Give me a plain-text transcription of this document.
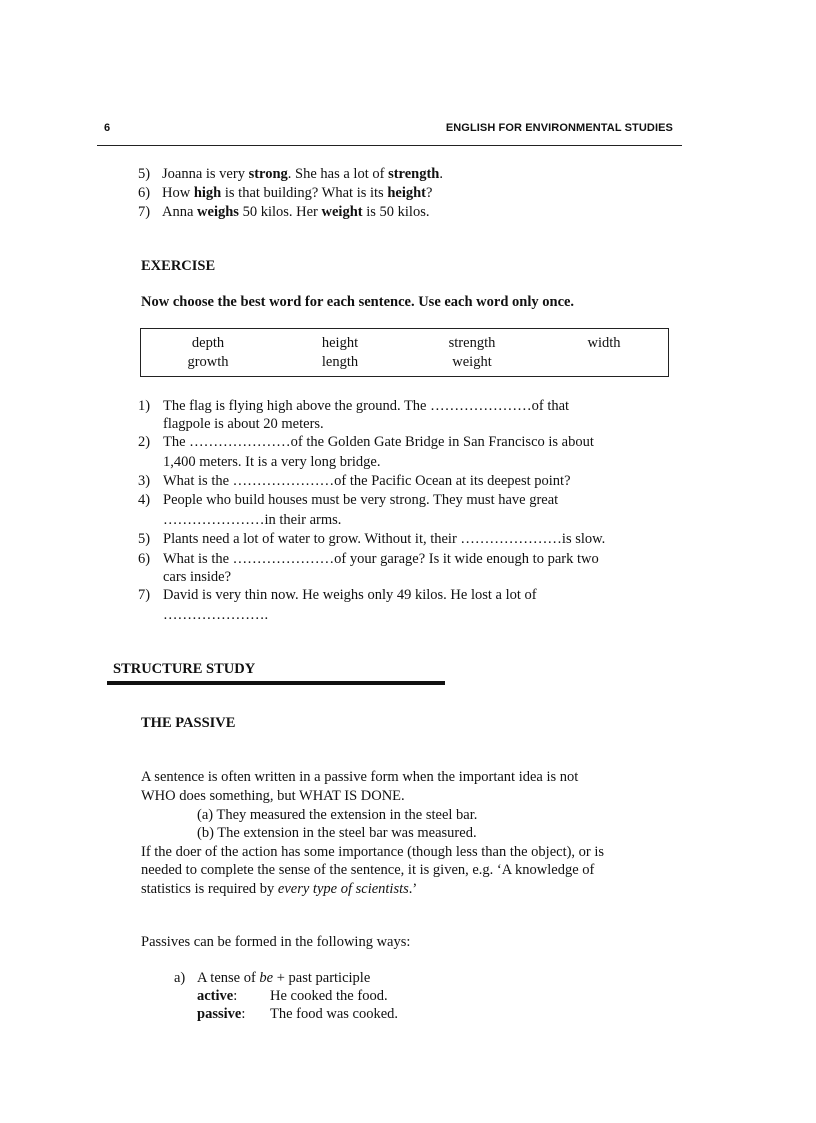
6	ENGLISH FOR ENVIRONMENTAL STUDIES
5) Joanna is very strong. She has a lot of strength.
6) How high is that building? What is its height?
7) Anna weighs 50 kilos. Her weight is 50 kilos.
EXERCISE
Now choose the best word for each sentence. Use each word only once.
depth	height	strength	width
growth	length	weight
1) The flag is flying high above the ground. The …………………of that
flagpole is about 20 meters.
2) The …………………of the Golden Gate Bridge in San Francisco is about
1,400 meters. It is a very long bridge.
3) What is the …………………of the Pacific Ocean at its deepest point?
4) People who build houses must be very strong. They must have great
…………………in their arms.
5) Plants need a lot of water to grow. Without it, their …………………is slow.
6) What is the …………………of your garage? Is it wide enough to park two
cars inside?
7) David is very thin now. He weighs only 49 kilos. He lost a lot of
………………….
STRUCTURE STUDY
THE PASSIVE
A sentence is often written in a passive form when the important idea is not
WHO does something, but WHAT IS DONE.
(a) They measured the extension in the steel bar.
(b) The extension in the steel bar was measured.
If the doer of the action has some importance (though less than the object), or is
needed to complete the sense of the sentence, it is given, e.g. ‘A knowledge of
statistics is required by every type of scientists.’
Passives can be formed in the following ways:
a) A tense of be + past participle
active: He cooked the food.
passive: The food was cooked.
